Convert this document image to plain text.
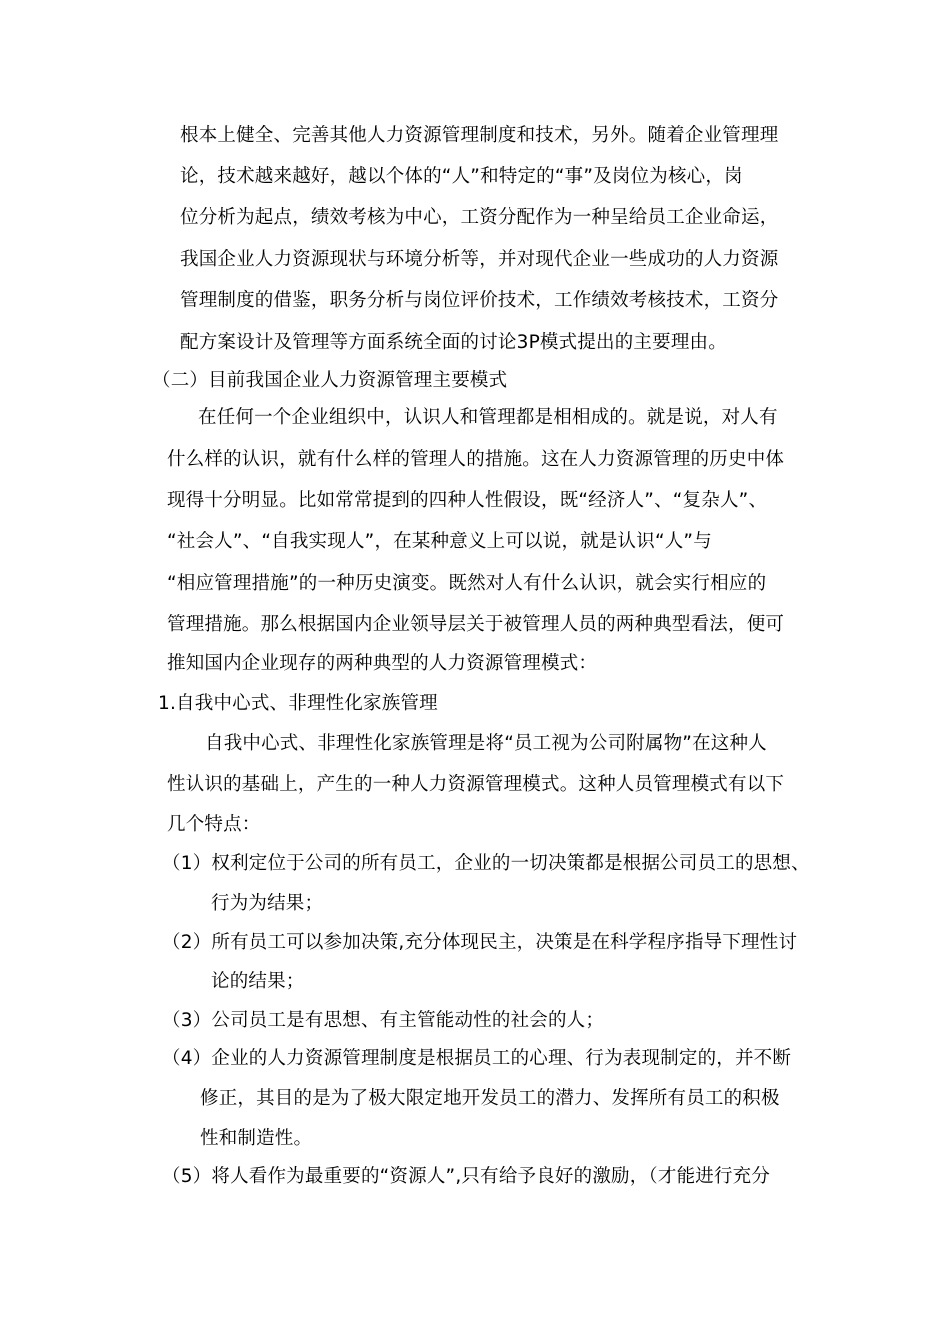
根本上健全、完善其他人力资源管理制度和技术，另外。随着企业管理理
论，技术越来越好，越以个体的“人”和特定的“事”及岗位为核心，岗
位分析为起点，绩效考核为中心，工资分配作为一种呈给员工企业命运，
我国企业人力资源现状与环境分析等，并对现代企业一些成功的人力资源
管理制度的借鉴，职务分析与岗位评价技术，工作绩效考核技术，工资分
配方案设计及管理等方面系统全面的讨论3P模式提出的主要理由。
（二）目前我国企业人力资源管理主要模式
在任何一个企业组织中，认识人和管理都是相相成的。就是说，对人有
什么样的认识，就有什么样的管理人的措施。这在人力资源管理的历史中体
现得十分明显。比如常常提到的四种人性假设，既“经济人”、“复杂人”、
“社会人”、“自我实现人”，在某种意义上可以说，就是认识“人”与
“相应管理措施”的一种历史演变。既然对人有什么认识，就会实行相应的
管理措施。那么根据国内企业领导层关于被管理人员的两种典型看法，便可
推知国内企业现存的两种典型的人力资源管理模式：
1.自我中心式、非理性化家族管理
自我中心式、非理性化家族管理是将“员工视为公司附属物”在这种人
性认识的基础上，产生的一种人力资源管理模式。这种人员管理模式有以下
几个特点：
（1）权利定位于公司的所有员工，企业的一切决策都是根据公司员工的思想、
行为为结果；
（2）所有员工可以参加决策,充分体现民主，决策是在科学程序指导下理性讨
论的结果；
（3）公司员工是有思想、有主管能动性的社会的人；
（4）企业的人力资源管理制度是根据员工的心理、行为表现制定的，并不断
修正，其目的是为了极大限定地开发员工的潜力、发挥所有员工的积极
性和制造性。
（5）将人看作为最重要的“资源人”,只有给予良好的激励，（才能进行充分
